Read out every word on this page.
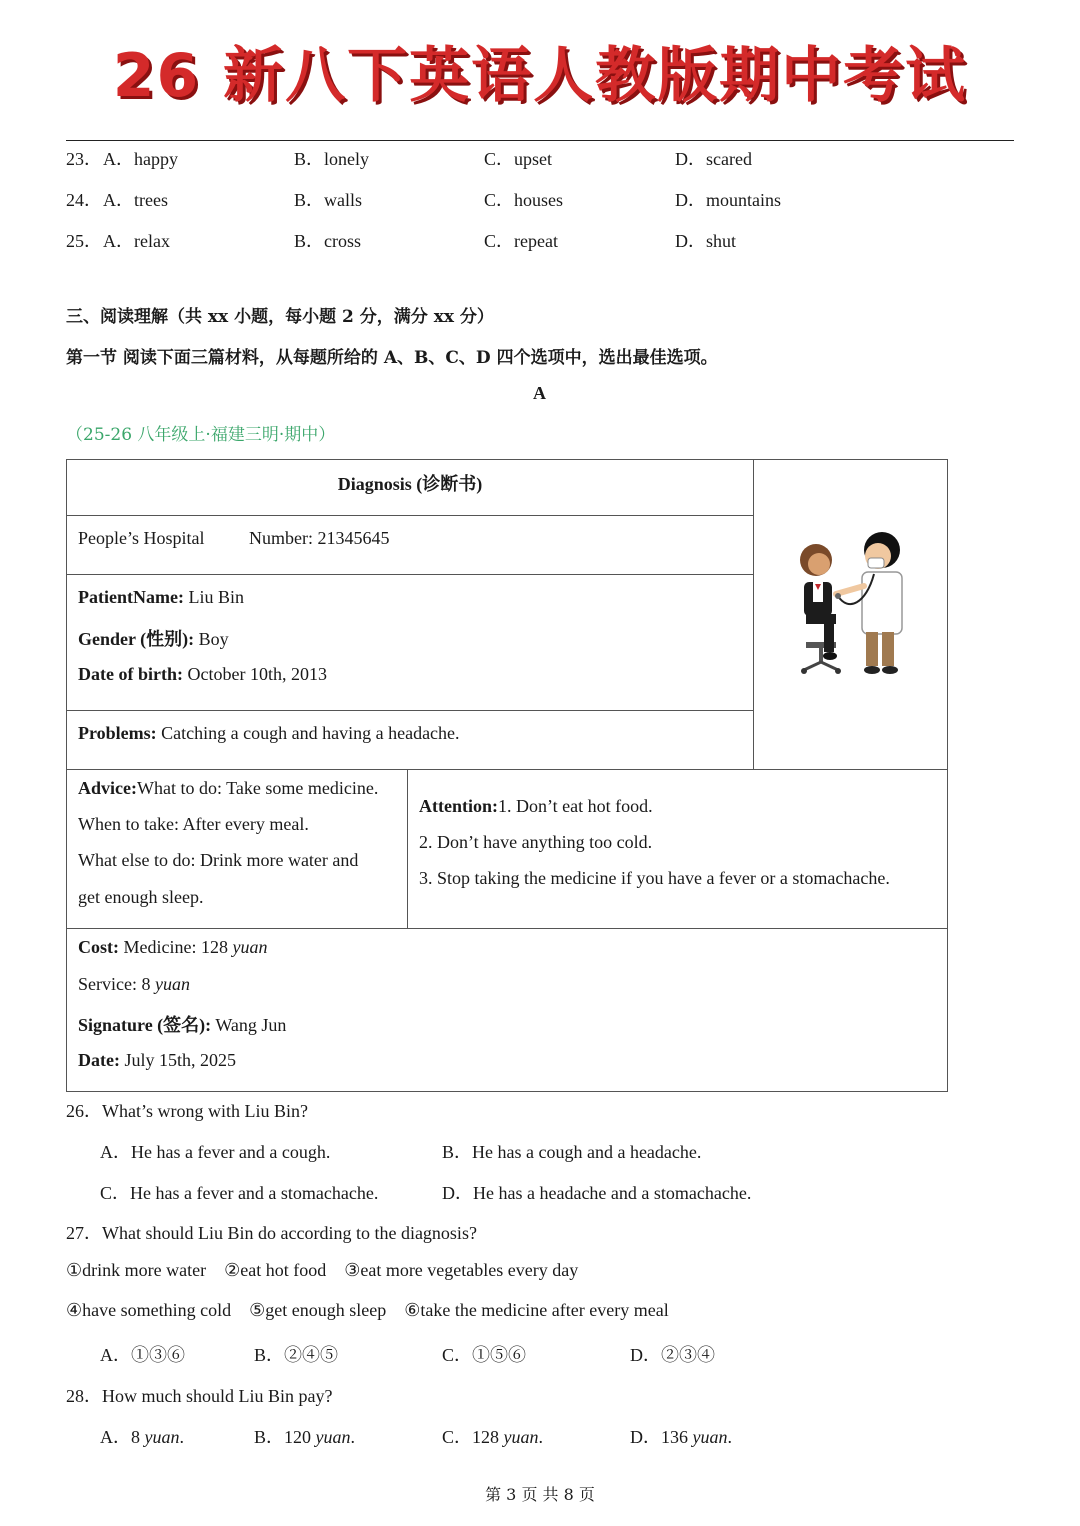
26 新八下英语人教版期中考试
23． A．happy	B．lonely	C．upset	D．scared
24． A．trees	B．walls	C．houses	D．mountains
25． A．relax	B．cross	C．repeat	D．shut
三、阅读理解（共 xx 小题，每小题 2 分，满分 xx 分）
第一节 阅读下面三篇材料，从每题所给的 A、B、C、D 四个选项中，选出最佳选项。
A
（25-26 八年级上·福建三明·期中）
Diagnosis (诊断书)
People’s Hospital Number: 21345645
PatientName: Liu Bin
Gender (性别): Boy
Date of birth: October 10th, 2013
Problems: Catching a cough and having a headache.
Advice:What to do: Take some medicine.
When to take: After every meal.
What else to do: Drink more water and
get enough sleep.
Attention:1. Don’t eat hot food.
2. Don’t have anything too cold.
3. Stop taking the medicine if you have a fever or a stomachache.
Cost: Medicine: 128 yuan
Service: 8 yuan
Signature (签名): Wang Jun
Date: July 15th, 2025
26．What’s wrong with Liu Bin?
A．He has a fever and a cough.	B．He has a cough and a headache.
C．He has a fever and a stomachache.	D．He has a headache and a stomachache.
27．What should Liu Bin do according to the diagnosis?
①drink more water    ②eat hot food    ③eat more vegetables every day
④have something cold    ⑤get enough sleep    ⑥take the medicine after every meal
A．①③⑥	B．②④⑤	C．①⑤⑥	D．②③④
28．How much should Liu Bin pay?
A．8 yuan.	B．120 yuan.	C．128 yuan.	D．136 yuan.
第 3 页 共 8 页
